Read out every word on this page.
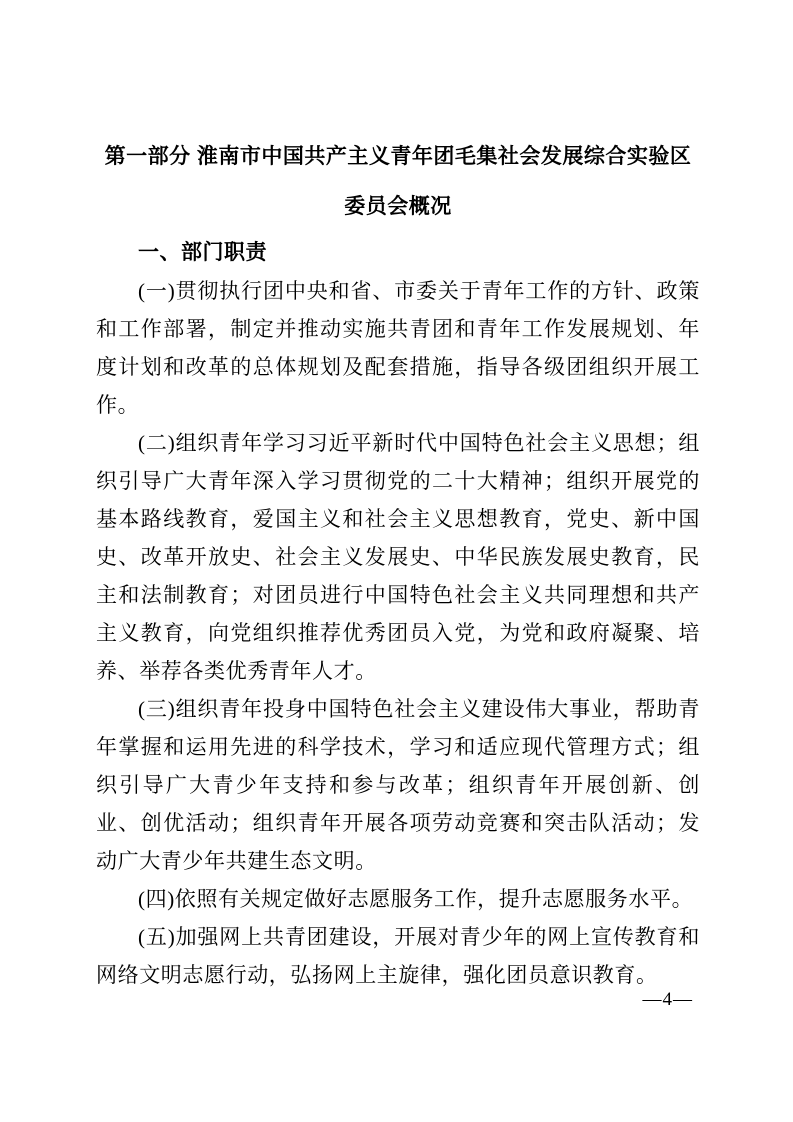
第一部分 淮南市中国共产主义青年团毛集社会发展综合实验区
委员会概况
一、部门职责

(一)贯彻执行团中央和省、市委关于青年工作的方针、政策和工作部署，制定并推动实施共青团和青年工作发展规划、年度计划和改革的总体规划及配套措施，指导各级团组织开展工作。

(二)组织青年学习习近平新时代中国特色社会主义思想；组织引导广大青年深入学习贯彻党的二十大精神；组织开展党的基本路线教育，爱国主义和社会主义思想教育，党史、新中国史、改革开放史、社会主义发展史、中华民族发展史教育，民主和法制教育；对团员进行中国特色社会主义共同理想和共产主义教育，向党组织推荐优秀团员入党，为党和政府凝聚、培养、举荐各类优秀青年人才。

(三)组织青年投身中国特色社会主义建设伟大事业，帮助青年掌握和运用先进的科学技术，学习和适应现代管理方式；组织引导广大青少年支持和参与改革；组织青年开展创新、创业、创优活动；组织青年开展各项劳动竞赛和突击队活动；发动广大青少年共建生态文明。

(四)依照有关规定做好志愿服务工作，提升志愿服务水平。

(五)加强网上共青团建设，开展对青少年的网上宣传教育和网络文明志愿行动，弘扬网上主旋律，强化团员意识教育。

—4—
